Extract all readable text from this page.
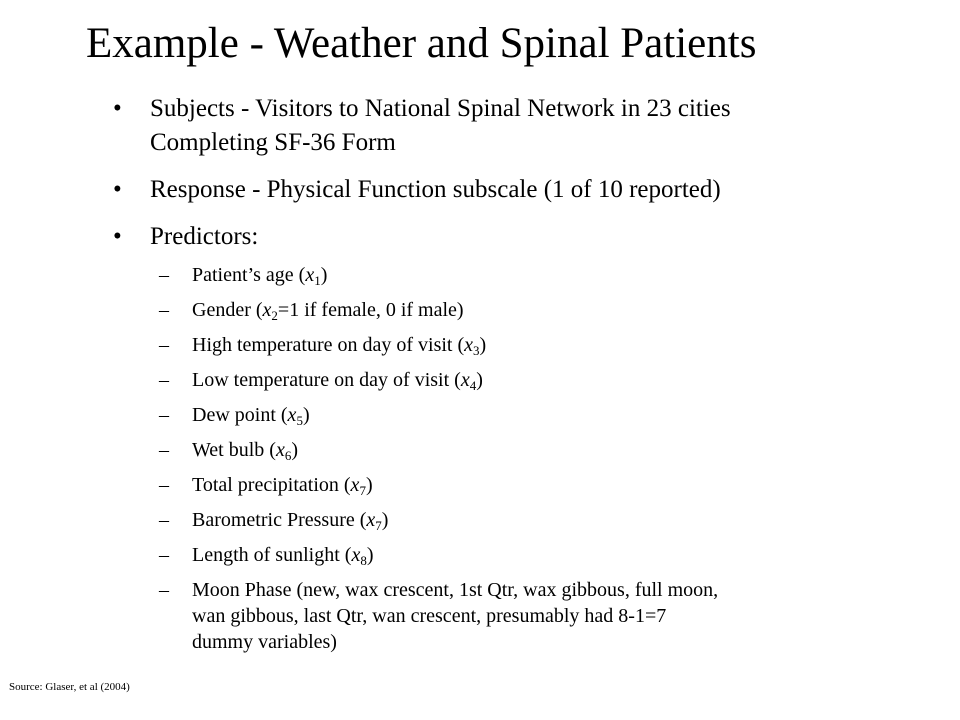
Example - Weather and Spinal Patients
• Subjects - Visitors to National Spinal Network in 23 cities
Completing SF-36 Form
• Response - Physical Function subscale (1 of 10 reported)
• Predictors:
– Patient’s age $(x_1)$
– Gender ($x_2=1$ if female, 0 if male)
– High temperature on day of visit $(x_3)$
– Low temperature on day of visit $(x_4)$
– Dew point $(x_5)$
– Wet bulb $(x_6)$
– Total precipitation $(x_7)$
– Barometric Pressure $(x_7)$
– Length of sunlight $(x_8)$
– Moon Phase (new, wax crescent, 1st Qtr, wax gibbous, full moon,
wan gibbous, last Qtr, wan crescent, presumably had 8-1=7
dummy variables)
Source: Glaser, et al (2004)
